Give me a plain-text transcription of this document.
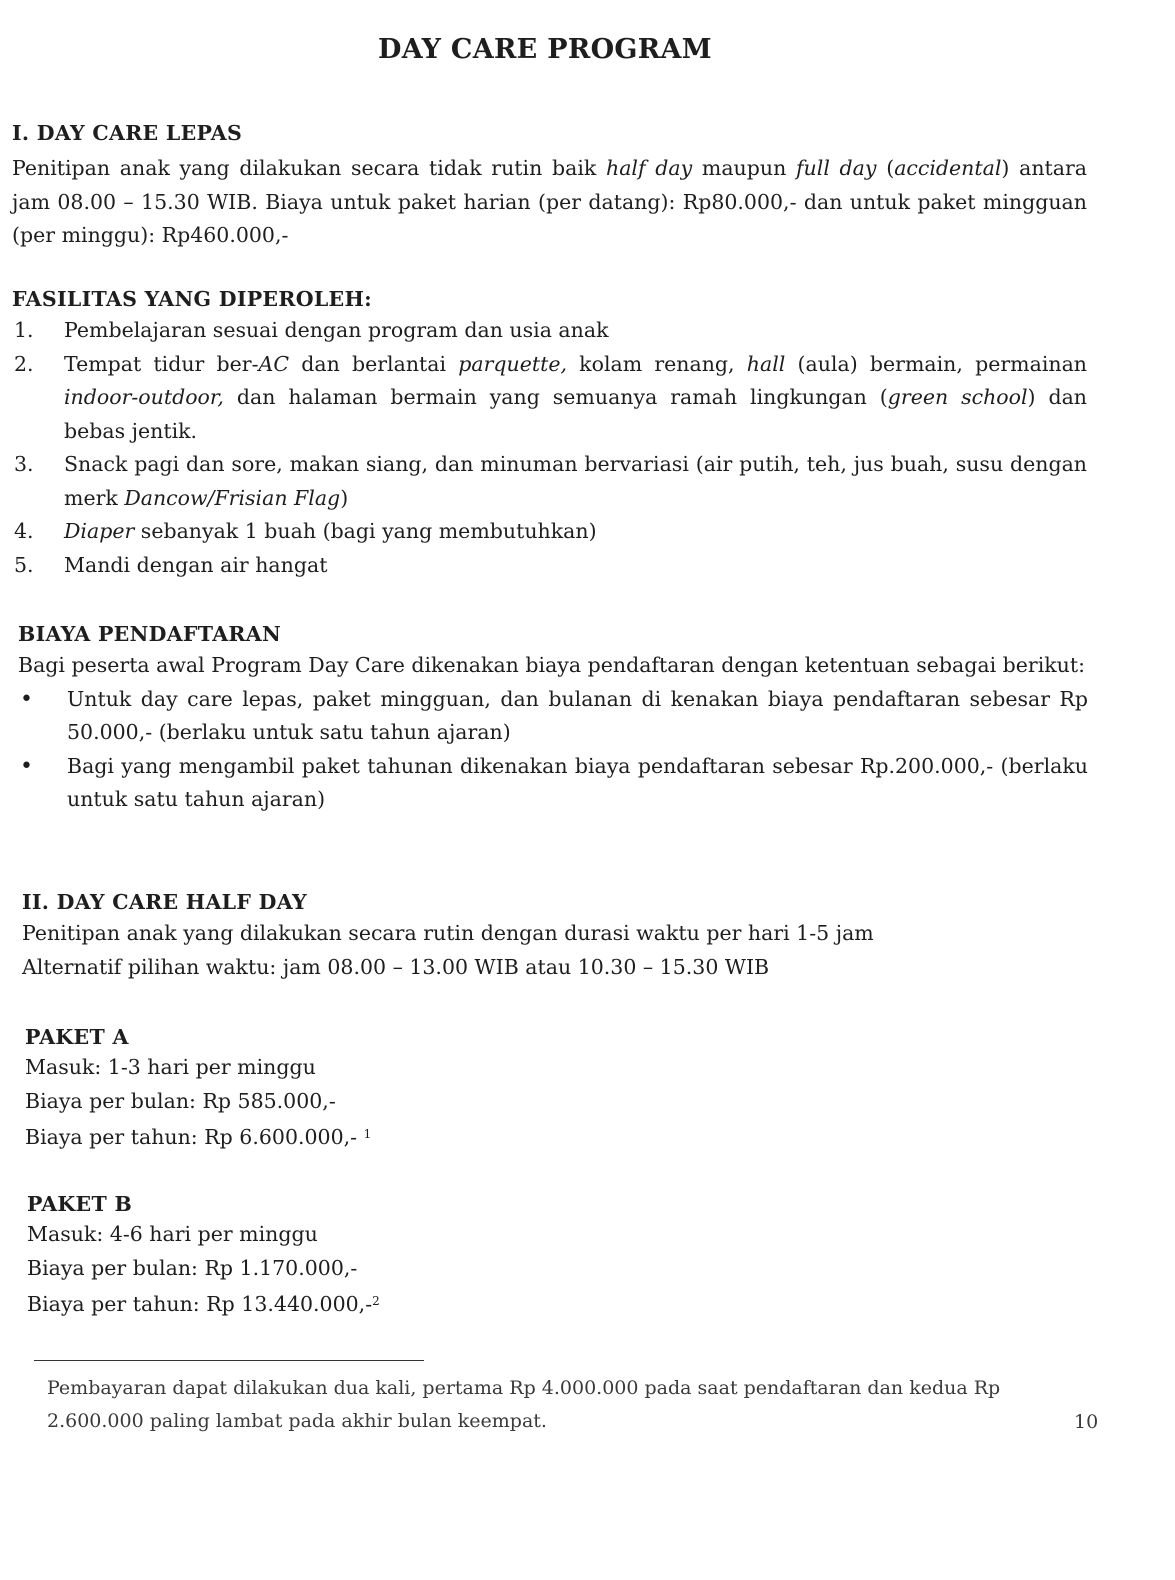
DAY CARE PROGRAM
I. DAY CARE LEPAS

Penitipan anak yang dilakukan secara tidak rutin baik half day maupun full day (accidental) antara jam 08.00 – 15.30 WIB. Biaya untuk paket harian (per datang): Rp80.000,- dan untuk paket mingguan (per minggu): Rp460.000,-

FASILITAS YANG DIPEROLEH:
1. Pembelajaran sesuai dengan program dan usia anak
2. Tempat tidur ber-AC dan berlantai parquette, kolam renang, hall (aula) bermain, permainan indoor-outdoor, dan halaman bermain yang semuanya ramah lingkungan (green school) dan bebas jentik.
3. Snack pagi dan sore, makan siang, dan minuman bervariasi (air putih, teh, jus buah, susu dengan merk Dancow/Frisian Flag)
4. Diaper sebanyak 1 buah (bagi yang membutuhkan)
5. Mandi dengan air hangat
BIAYA PENDAFTARAN

Bagi peserta awal Program Day Care dikenakan biaya pendaftaran dengan ketentuan sebagai berikut:

• Untuk day care lepas, paket mingguan, dan bulanan di kenakan biaya pendaftaran sebesar Rp 50.000,- (berlaku untuk satu tahun ajaran)
• Bagi yang mengambil paket tahunan dikenakan biaya pendaftaran sebesar Rp.200.000,- (berlaku untuk satu tahun ajaran)
II. DAY CARE HALF DAY

Penitipan anak yang dilakukan secara rutin dengan durasi waktu per hari 1-5 jam

Alternatif pilihan waktu: jam 08.00 – 13.00 WIB atau 10.30 – 15.30 WIB

PAKET A

Masuk: 1-3 hari per minggu

Biaya per bulan: Rp 585.000,-

Biaya per tahun: Rp 6.600.000,- $^1$

PAKET B

Masuk: 4-6 hari per minggu

Biaya per bulan: Rp 1.170.000,-

Biaya per tahun: Rp 13.440.000,-$^2$

Pembayaran dapat dilakukan dua kali, pertama Rp 4.000.000 pada saat pendaftaran dan kedua Rp 2.600.000 paling lambat pada akhir bulan keempat.	10
